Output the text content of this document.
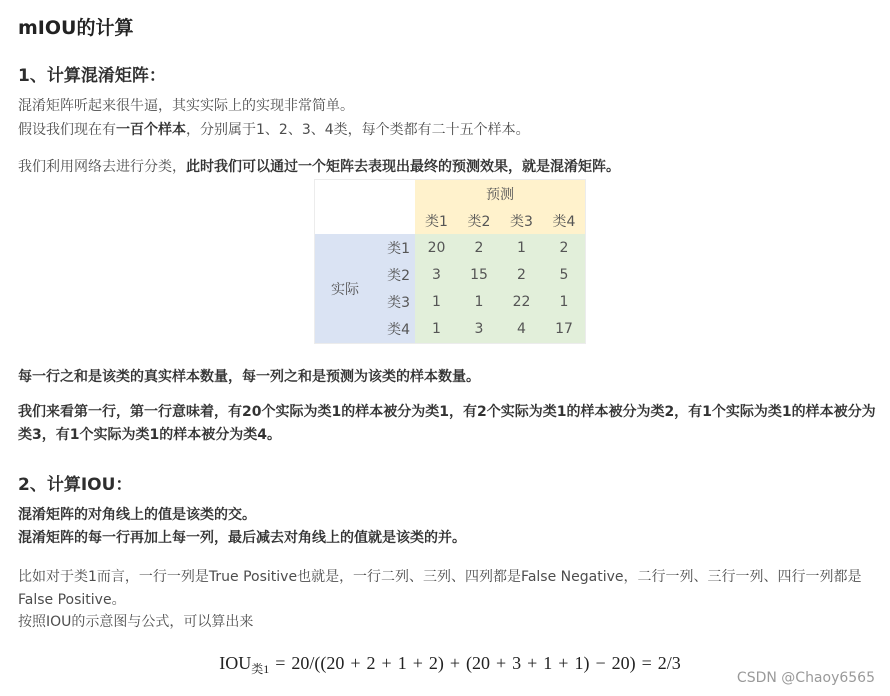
mIOU的计算
1、计算混淆矩阵：

混淆矩阵听起来很牛逼，其实实际上的实现非常简单。
假设我们现在有一百个样本，分别属于1、2、3、4类，每个类都有二十五个样本。

我们利用网络去进行分类，此时我们可以通过一个矩阵去表现出最终的预测效果，就是混淆矩阵。

预测
类1	类2	类3	类4
实际
类1	20	2	1	2
类2	3	15	2	5
类3	1	1	22	1
类4	1	3	4	17

每一行之和是该类的真实样本数量，每一列之和是预测为该类的样本数量。

我们来看第一行，第一行意味着，有20个实际为类1的样本被分为类1，有2个实际为类1的样本被分为类2，有1个实际为类1的样本被分为类3，有1个实际为类1的样本被分为类4。

2、计算IOU：

混淆矩阵的对角线上的值是该类的交。
混淆矩阵的每一行再加上每一列，最后减去对角线上的值就是该类的并。

比如对于类1而言，一行一列是True Positive也就是，一行二列、三列、四列都是False Negative，二行一列、三行一列、四行一列都是False Positive。

按照IOU的示意图与公式，可以算出来

$IOU_{类1} = 20/((20 + 2 + 1 + 2) + (20 + 3 + 1 + 1) - 20) = 2/3$
CSDN @Chaoy6565
